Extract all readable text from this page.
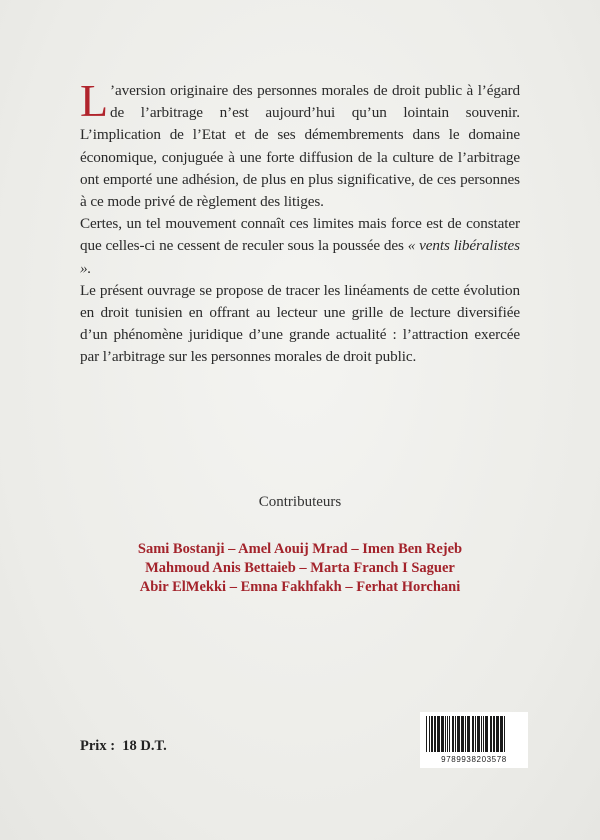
L ’aversion originaire des personnes morales de droit public à l’égard de l’arbitrage n’est aujourd’hui qu’un lointain souvenir. L’implication de l’Etat et de ses démembrements dans le domaine économique, conjuguée à une forte diffusion de la culture de l’arbitrage ont emporté une adhésion, de plus en plus significative, de ces personnes à ce mode privé de règlement des litiges.

Certes, un tel mouvement connaît ces limites mais force est de constater que celles-ci ne cessent de reculer sous la poussée des « vents libéralistes ».

Le présent ouvrage se propose de tracer les linéaments de cette évolution en droit tunisien en offrant au lecteur une grille de lecture diversifiée d’un phénomène juridique d’une grande actualité : l’attraction exercée par l’arbitrage sur les personnes morales de droit public.

Contributeurs
Sami Bostanji – Amel Aouij Mrad – Imen Ben Rejeb
Mahmoud Anis Bettaieb – Marta Franch I Saguer
Abir ElMekki – Emna Fakhfakh – Ferhat Horchani
Prix : 18 D.T.
9789938203578
